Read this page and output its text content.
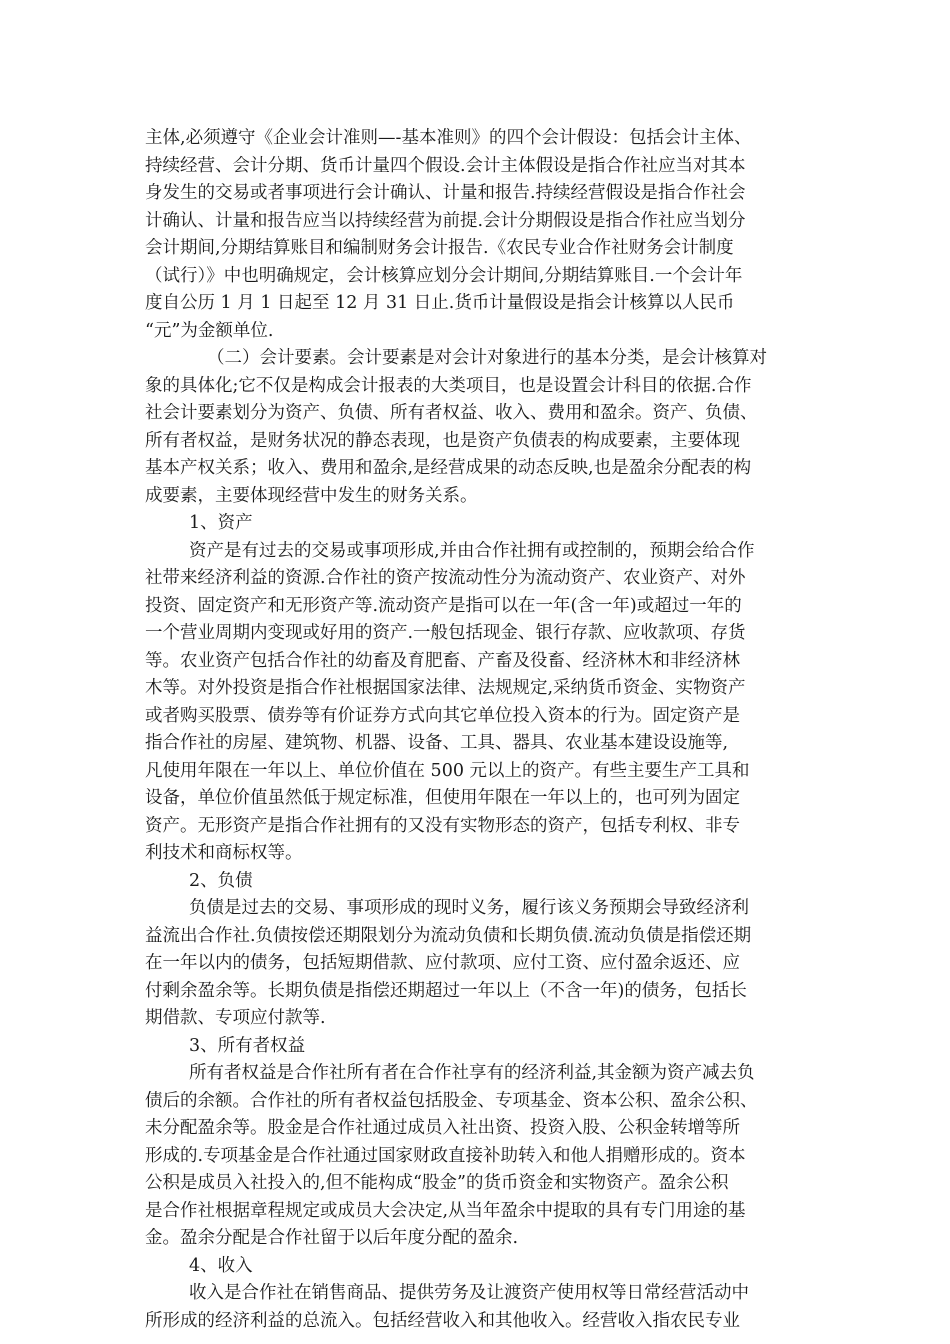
主体,必须遵守《企业会计准则—-基本准则》的四个会计假设：包括会计主体、
持续经营、会计分期、货币计量四个假设.会计主体假设是指合作社应当对其本
身发生的交易或者事项进行会计确认、计量和报告.持续经营假设是指合作社会
计确认、计量和报告应当以持续经营为前提.会计分期假设是指合作社应当划分
会计期间,分期结算账目和编制财务会计报告.《农民专业合作社财务会计制度
（试行）》中也明确规定，会计核算应划分会计期间,分期结算账目.一个会计年
度自公历 1 月 1 日起至 12 月 31 日止.货币计量假设是指会计核算以人民币
“元”为金额单位.
（二）会计要素。会计要素是对会计对象进行的基本分类，是会计核算对
象的具体化;它不仅是构成会计报表的大类项目，也是设置会计科目的依据.合作
社会计要素划分为资产、负债、所有者权益、收入、费用和盈余。资产、负债、
所有者权益，是财务状况的静态表现，也是资产负债表的构成要素，主要体现
基本产权关系；收入、费用和盈余,是经营成果的动态反映,也是盈余分配表的构
成要素，主要体现经营中发生的财务关系。
1、资产
资产是有过去的交易或事项形成,并由合作社拥有或控制的，预期会给合作
社带来经济利益的资源.合作社的资产按流动性分为流动资产、农业资产、对外
投资、固定资产和无形资产等.流动资产是指可以在一年(含一年)或超过一年的
一个营业周期内变现或好用的资产.一般包括现金、银行存款、应收款项、存货
等。农业资产包括合作社的幼畜及育肥畜、产畜及役畜、经济林木和非经济林
木等。对外投资是指合作社根据国家法律、法规规定,采纳货币资金、实物资产
或者购买股票、债券等有价证券方式向其它单位投入资本的行为。固定资产是
指合作社的房屋、建筑物、机器、设备、工具、器具、农业基本建设设施等,
凡使用年限在一年以上、单位价值在 500 元以上的资产。有些主要生产工具和
设备，单位价值虽然低于规定标准，但使用年限在一年以上的，也可列为固定
资产。无形资产是指合作社拥有的又没有实物形态的资产，包括专利权、非专
利技术和商标权等。
2、负债
负债是过去的交易、事项形成的现时义务，履行该义务预期会导致经济利
益流出合作社.负债按偿还期限划分为流动负债和长期负债.流动负债是指偿还期
在一年以内的债务，包括短期借款、应付款项、应付工资、应付盈余返还、应
付剩余盈余等。长期负债是指偿还期超过一年以上（不含一年)的债务，包括长
期借款、专项应付款等.
3、所有者权益
所有者权益是合作社所有者在合作社享有的经济利益,其金额为资产减去负
债后的余额。合作社的所有者权益包括股金、专项基金、资本公积、盈余公积、
未分配盈余等。股金是合作社通过成员入社出资、投资入股、公积金转增等所
形成的.专项基金是合作社通过国家财政直接补助转入和他人捐赠形成的。资本
公积是成员入社投入的,但不能构成“股金”的货币资金和实物资产。盈余公积
是合作社根据章程规定或成员大会决定,从当年盈余中提取的具有专门用途的基
金。盈余分配是合作社留于以后年度分配的盈余.
4、收入
收入是合作社在销售商品、提供劳务及让渡资产使用权等日常经营活动中
所形成的经济利益的总流入。包括经营收入和其他收入。经营收入指农民专业
